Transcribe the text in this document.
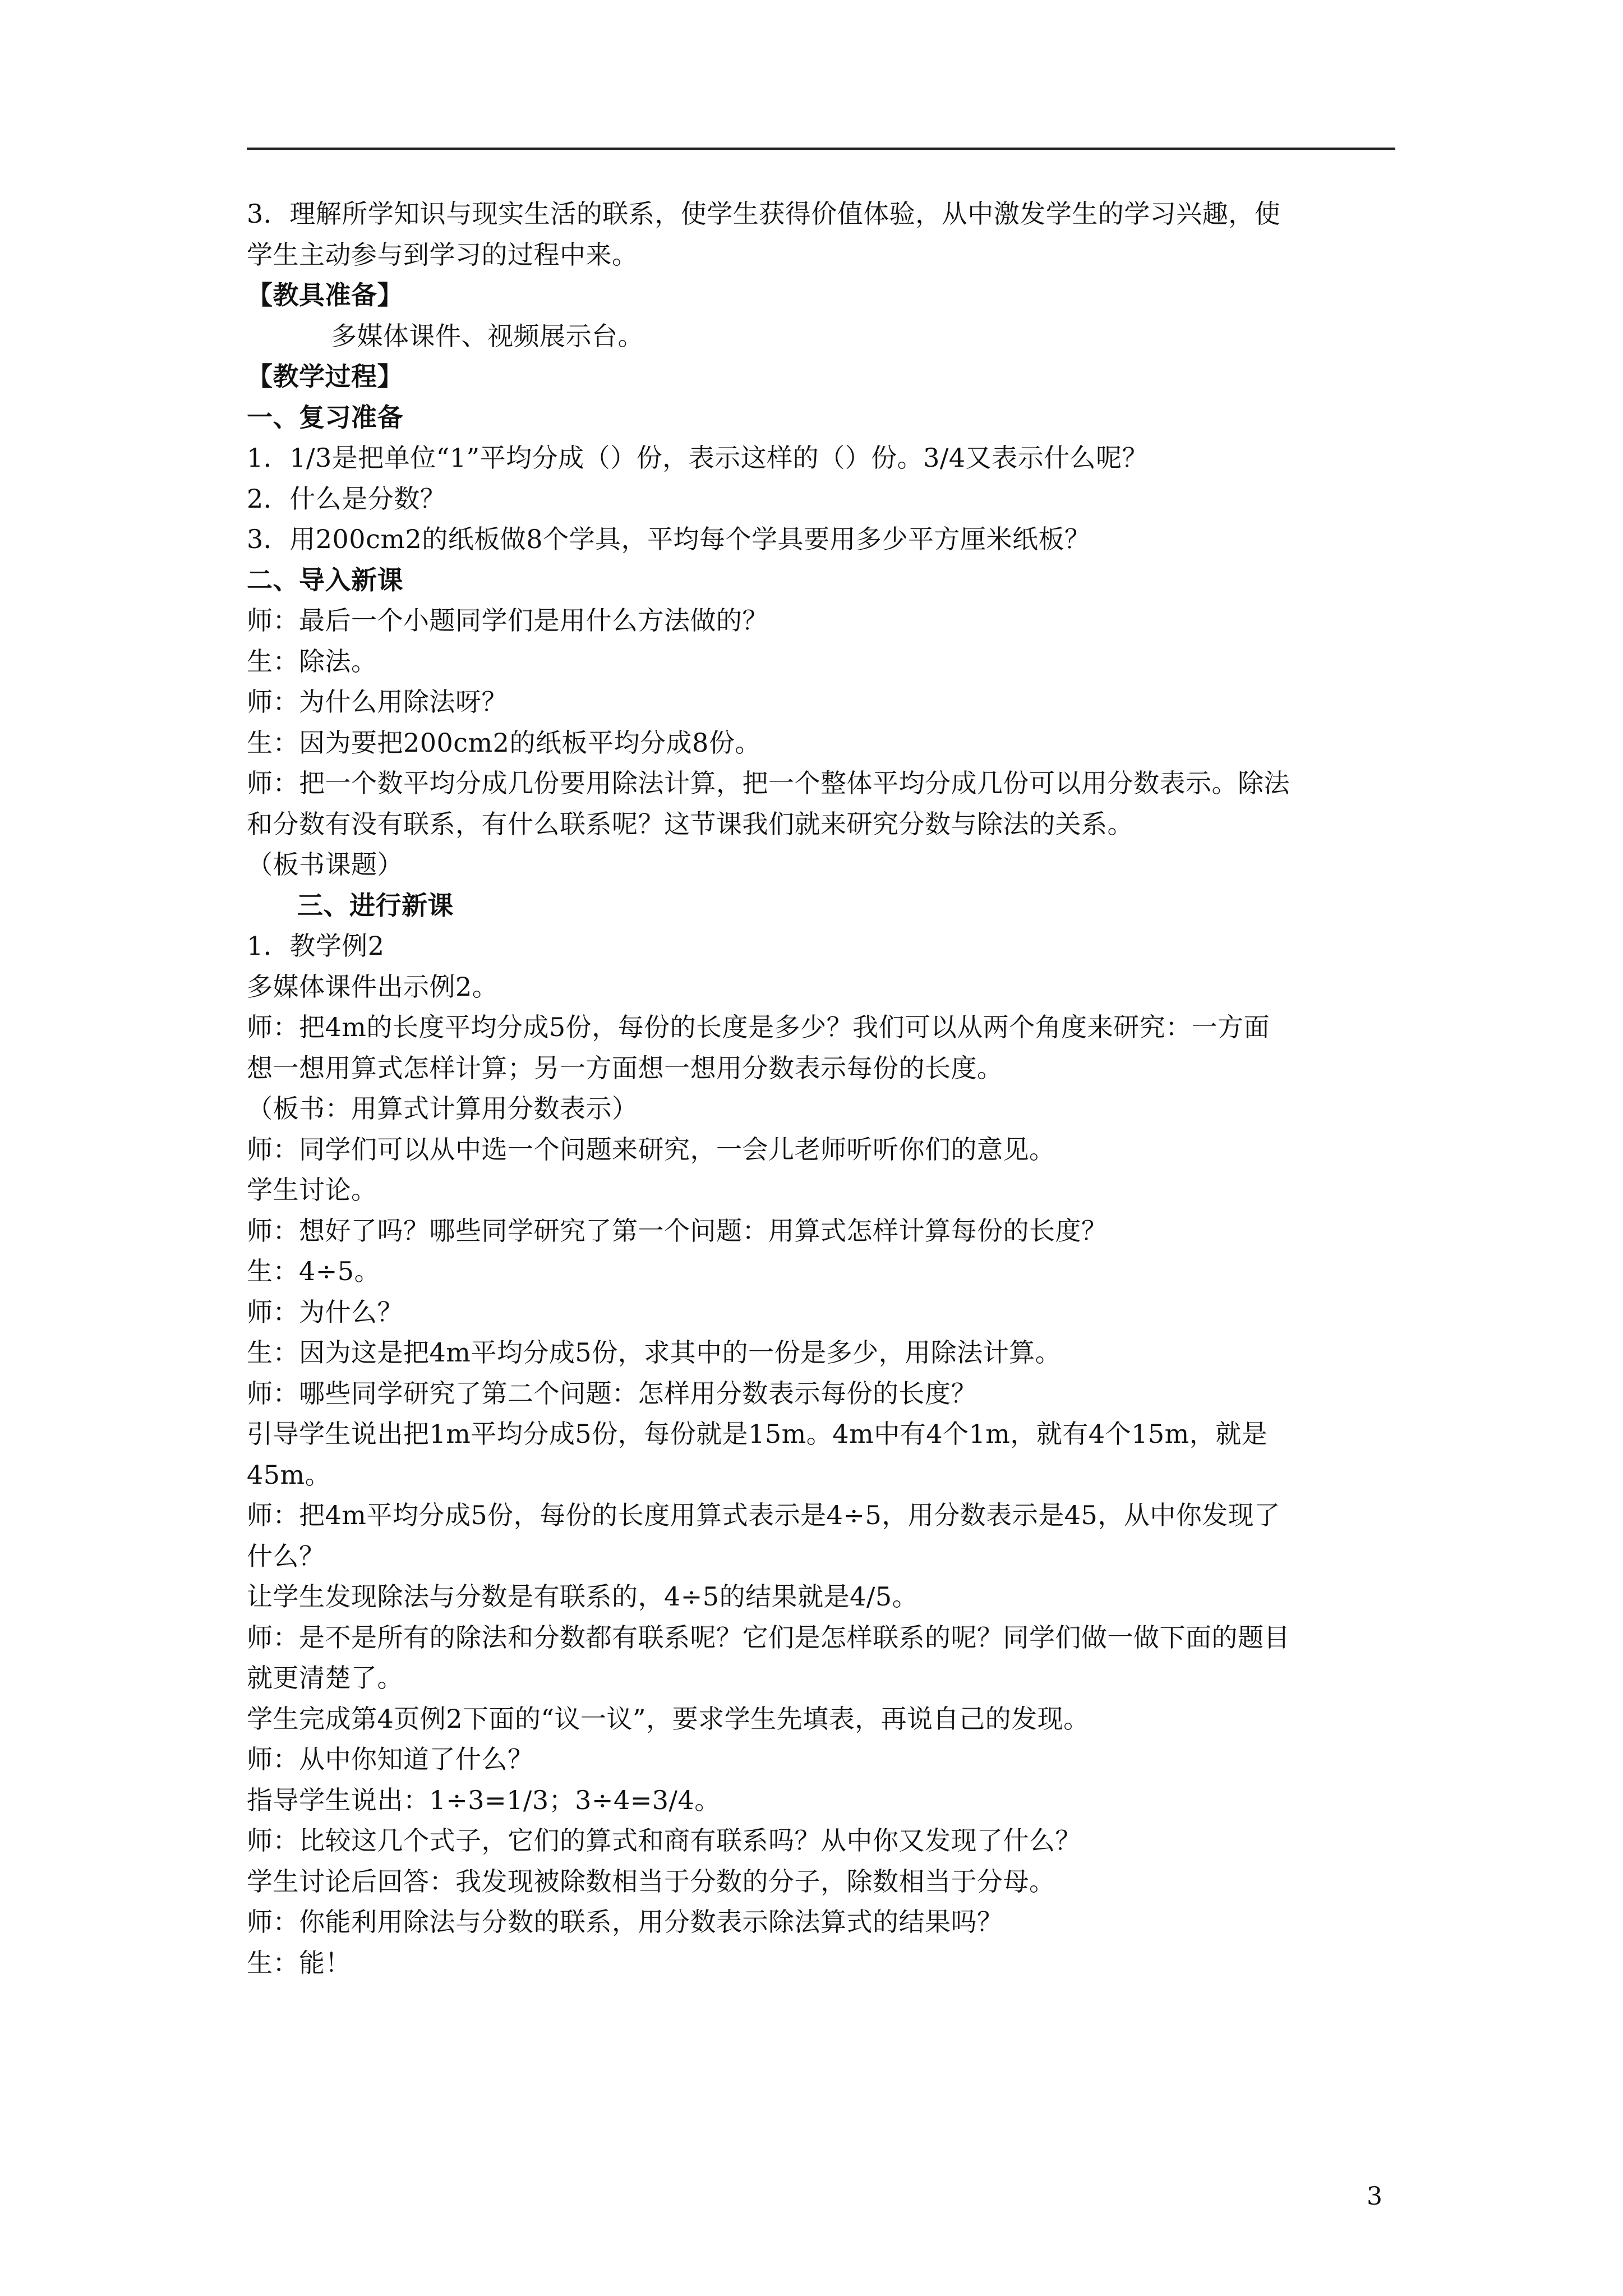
3．理解所学知识与现实生活的联系，使学生获得价值体验，从中激发学生的学习兴趣，使
学生主动参与到学习的过程中来。
【教具准备】
多媒体课件、视频展示台。
【教学过程】
一、复习准备
1．1/3是把单位“1”平均分成（）份，表示这样的（）份。3/4又表示什么呢？
2．什么是分数？
3．用200cm2的纸板做8个学具，平均每个学具要用多少平方厘米纸板？
二、导入新课
师：最后一个小题同学们是用什么方法做的？
生：除法。
师：为什么用除法呀？
生：因为要把200cm2的纸板平均分成8份。
师：把一个数平均分成几份要用除法计算，把一个整体平均分成几份可以用分数表示。除法
和分数有没有联系，有什么联系呢？这节课我们就来研究分数与除法的关系。
（板书课题）
三、进行新课
1．教学例2
多媒体课件出示例2。
师：把4m的长度平均分成5份，每份的长度是多少？我们可以从两个角度来研究：一方面
想一想用算式怎样计算；另一方面想一想用分数表示每份的长度。
（板书：用算式计算用分数表示）
师：同学们可以从中选一个问题来研究，一会儿老师听听你们的意见。
学生讨论。
师：想好了吗？哪些同学研究了第一个问题：用算式怎样计算每份的长度？
生：4÷5。
师：为什么？
生：因为这是把4m平均分成5份，求其中的一份是多少，用除法计算。
师：哪些同学研究了第二个问题：怎样用分数表示每份的长度？
引导学生说出把1m平均分成5份，每份就是15m。4m中有4个1m，就有4个15m，就是
45m。
师：把4m平均分成5份，每份的长度用算式表示是4÷5，用分数表示是45，从中你发现了
什么？
让学生发现除法与分数是有联系的，4÷5的结果就是4/5。
师：是不是所有的除法和分数都有联系呢？它们是怎样联系的呢？同学们做一做下面的题目
就更清楚了。
学生完成第4页例2下面的“议一议”，要求学生先填表，再说自己的发现。
师：从中你知道了什么？
指导学生说出：1÷3=1/3；3÷4=3/4。
师：比较这几个式子，它们的算式和商有联系吗？从中你又发现了什么？
学生讨论后回答：我发现被除数相当于分数的分子，除数相当于分母。
师：你能利用除法与分数的联系，用分数表示除法算式的结果吗？
生：能！
3
